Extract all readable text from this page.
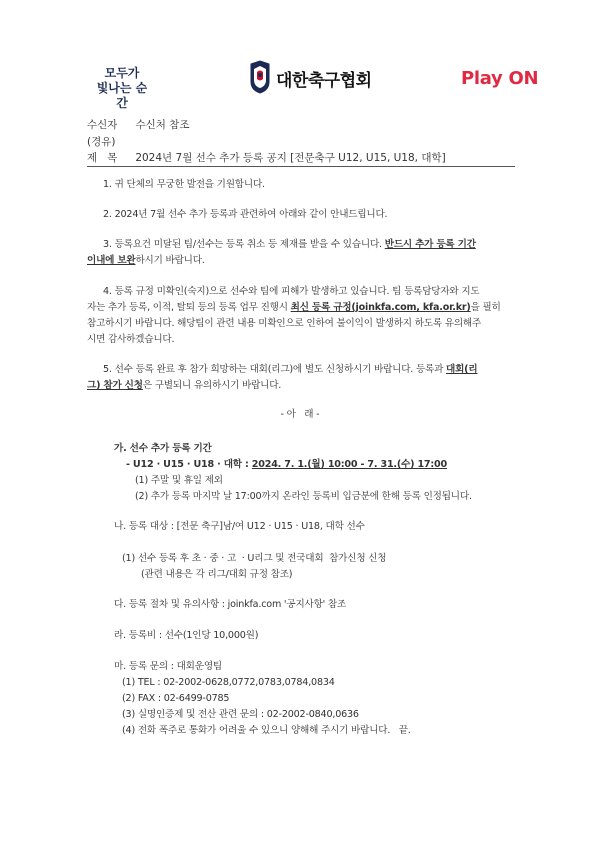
모두가
빛나는 순간
대한축구협회	Play ON
수신자 수신처 참조
(경유)
제   목 2024년 7월 선수 추가 등록 공지 [전문축구 U12, U15, U18, 대학]
1. 귀 단체의 무궁한 발전을 기원합니다.
2. 2024년 7월 선수 추가 등록과 관련하여 아래와 같이 안내드립니다.
3. 등록요건 미달된 팀/선수는 등록 취소 등 제재를 받을 수 있습니다. 반드시 추가 등록 기간
이내에 보완하시기 바랍니다.
4. 등록 규정 미확인(숙지)으로 선수와 팀에 피해가 발생하고 있습니다. 팀 등록담당자와 지도
자는 추가 등록, 이적, 탈퇴 등의 등록 업무 진행시 최신 등록 규정(joinkfa.com, kfa.or.kr)을 필히
참고하시기 바랍니다. 해당팀이 관련 내용 미확인으로 인하여 불이익이 발생하지 하도록 유의해주
시면 감사하겠습니다.
5. 선수 등록 완료 후 참가 희망하는 대회(리그)에 별도 신청하시기 바랍니다. 등록과 대회(리
그) 참가 신청은 구별되니 유의하시기 바랍니다.
- 아   래 -
가. 선수 추가 등록 기간
- U12 · U15 · U18 · 대학 : 2024. 7. 1.(월) 10:00 - 7. 31.(수) 17:00
(1) 주말 및 휴일 제외
(2) 추가 등록 마지막 날 17:00까지 온라인 등록비 입금분에 한해 등록 인정됩니다.
나. 등록 대상 : [전문 축구]남/여 U12 · U15 · U18, 대학 선수
(1) 선수 등록 후 초 · 중 · 고  · U리그 및 전국대회  참가신청 신청
(관련 내용은 각 리그/대회 규정 참조)
다. 등록 절차 및 유의사항 : joinkfa.com '공지사항' 참조
라. 등록비 : 선수(1인당 10,000원)
마. 등록 문의 : 대회운영팀
(1) TEL : 02-2002-0628,0772,0783,0784,0834
(2) FAX : 02-6499-0785
(3) 실명인증제 및 전산 관련 문의 : 02-2002-0840,0636
(4) 전화 폭주로 통화가 어려울 수 있으니 양해해 주시기 바랍니다.   끝.
